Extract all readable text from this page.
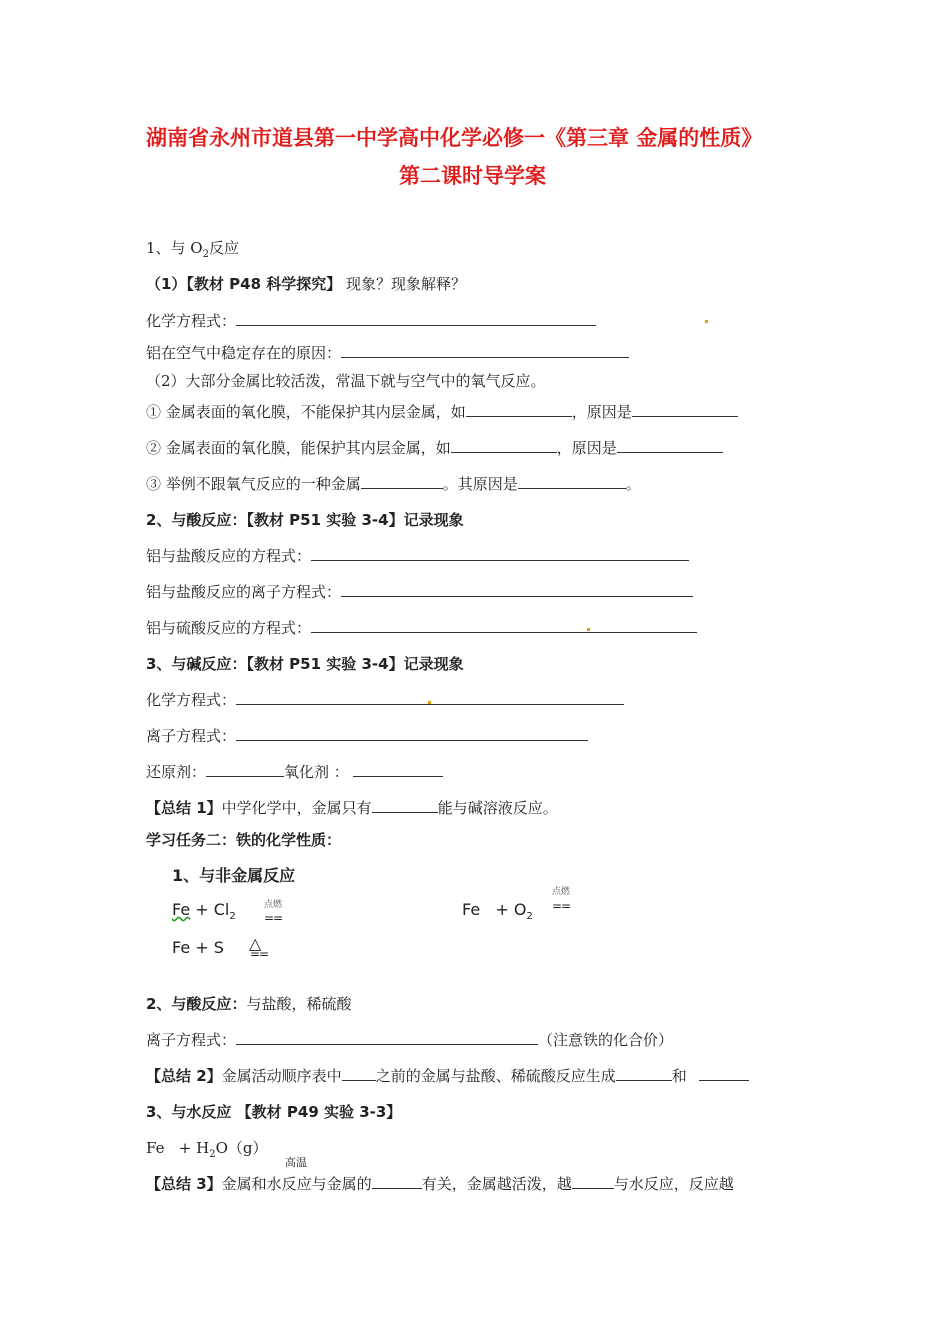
湖南省永州市道县第一中学高中化学必修一《第三章 金属的性质》
第二课时导学案
1、与 $O_2$反应
（1）【教材 P48 科学探究】 现象？现象解释？
化学方程式：
铝在空气中稳定存在的原因：
（2）大部分金属比较活泼，常温下就与空气中的氧气反应。
① 金属表面的氧化膜，不能保护其内层金属，如	，原因是
② 金属表面的氧化膜，能保护其内层金属，如	，原因是
③ 举例不跟氧气反应的一种金属	。其原因是	。
2、与酸反应：【教材 P51 实验 3-4】记录现象
铝与盐酸反应的方程式：
铝与盐酸反应的离子方程式：
铝与硫酸反应的方程式：
3、与碱反应：【教材 P51 实验 3-4】记录现象
化学方程式：
离子方程式：
还原剂：	氧化剂 ：
【总结 1】中学化学中，金属只有	能与碱溶液反应。
学习任务二：铁的化学性质：
1、与非金属反应
$Fe + Cl_2$
点燃
==	$Fe + O_2$
点燃
==
Fe + S △
==
2、与酸反应：与盐酸，稀硫酸
离子方程式：	（注意铁的化合价）
【总结 2】金属活动顺序表中 之前的金属与盐酸、稀硫酸反应生成	和
3、与水反应 【教材 P49 实验 3-3】
$Fe + H_2O(g)$
高温
【总结 3】金属和水反应与金属的	有关，金属越活泼，越	与水反应，反应越
